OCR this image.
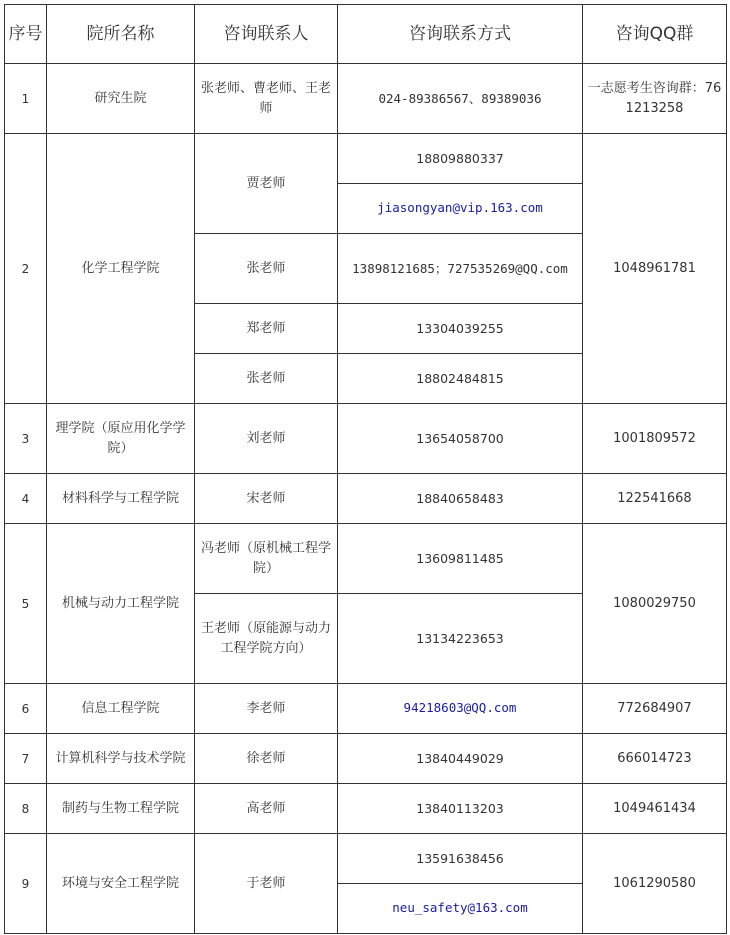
序号	院所名称	咨询联系人	咨询联系方式	咨询QQ群
1	研究生院	张老师、曹老师、王老师	024-89386567、89389036	一志愿考生咨询群：761213258
2	化学工程学院	贾老师	18809880337	1048961781
			jiasongyan@vip.163.com	
		张老师	13898121685；727535269@QQ.com	
		郑老师	13304039255	
		张老师	18802484815	

3	理学院（原应用化学学院）	刘老师	13654058700	1001809572
4	材料科学与工程学院	宋老师	18840658483	122541668
5	机械与动力工程学院	冯老师（原机械工程学院）	13609811485	1080029750
		王老师（原能源与动力工程学院方向）	13134223653	
6	信息工程学院	李老师	94218603@QQ.com	772684907
7	计算机科学与技术学院	徐老师	13840449029	666014723
8	制药与生物工程学院	高老师	13840113203	1049461434
9	环境与安全工程学院	于老师	13591638456	1061290580
			neu_safety@163.com	
